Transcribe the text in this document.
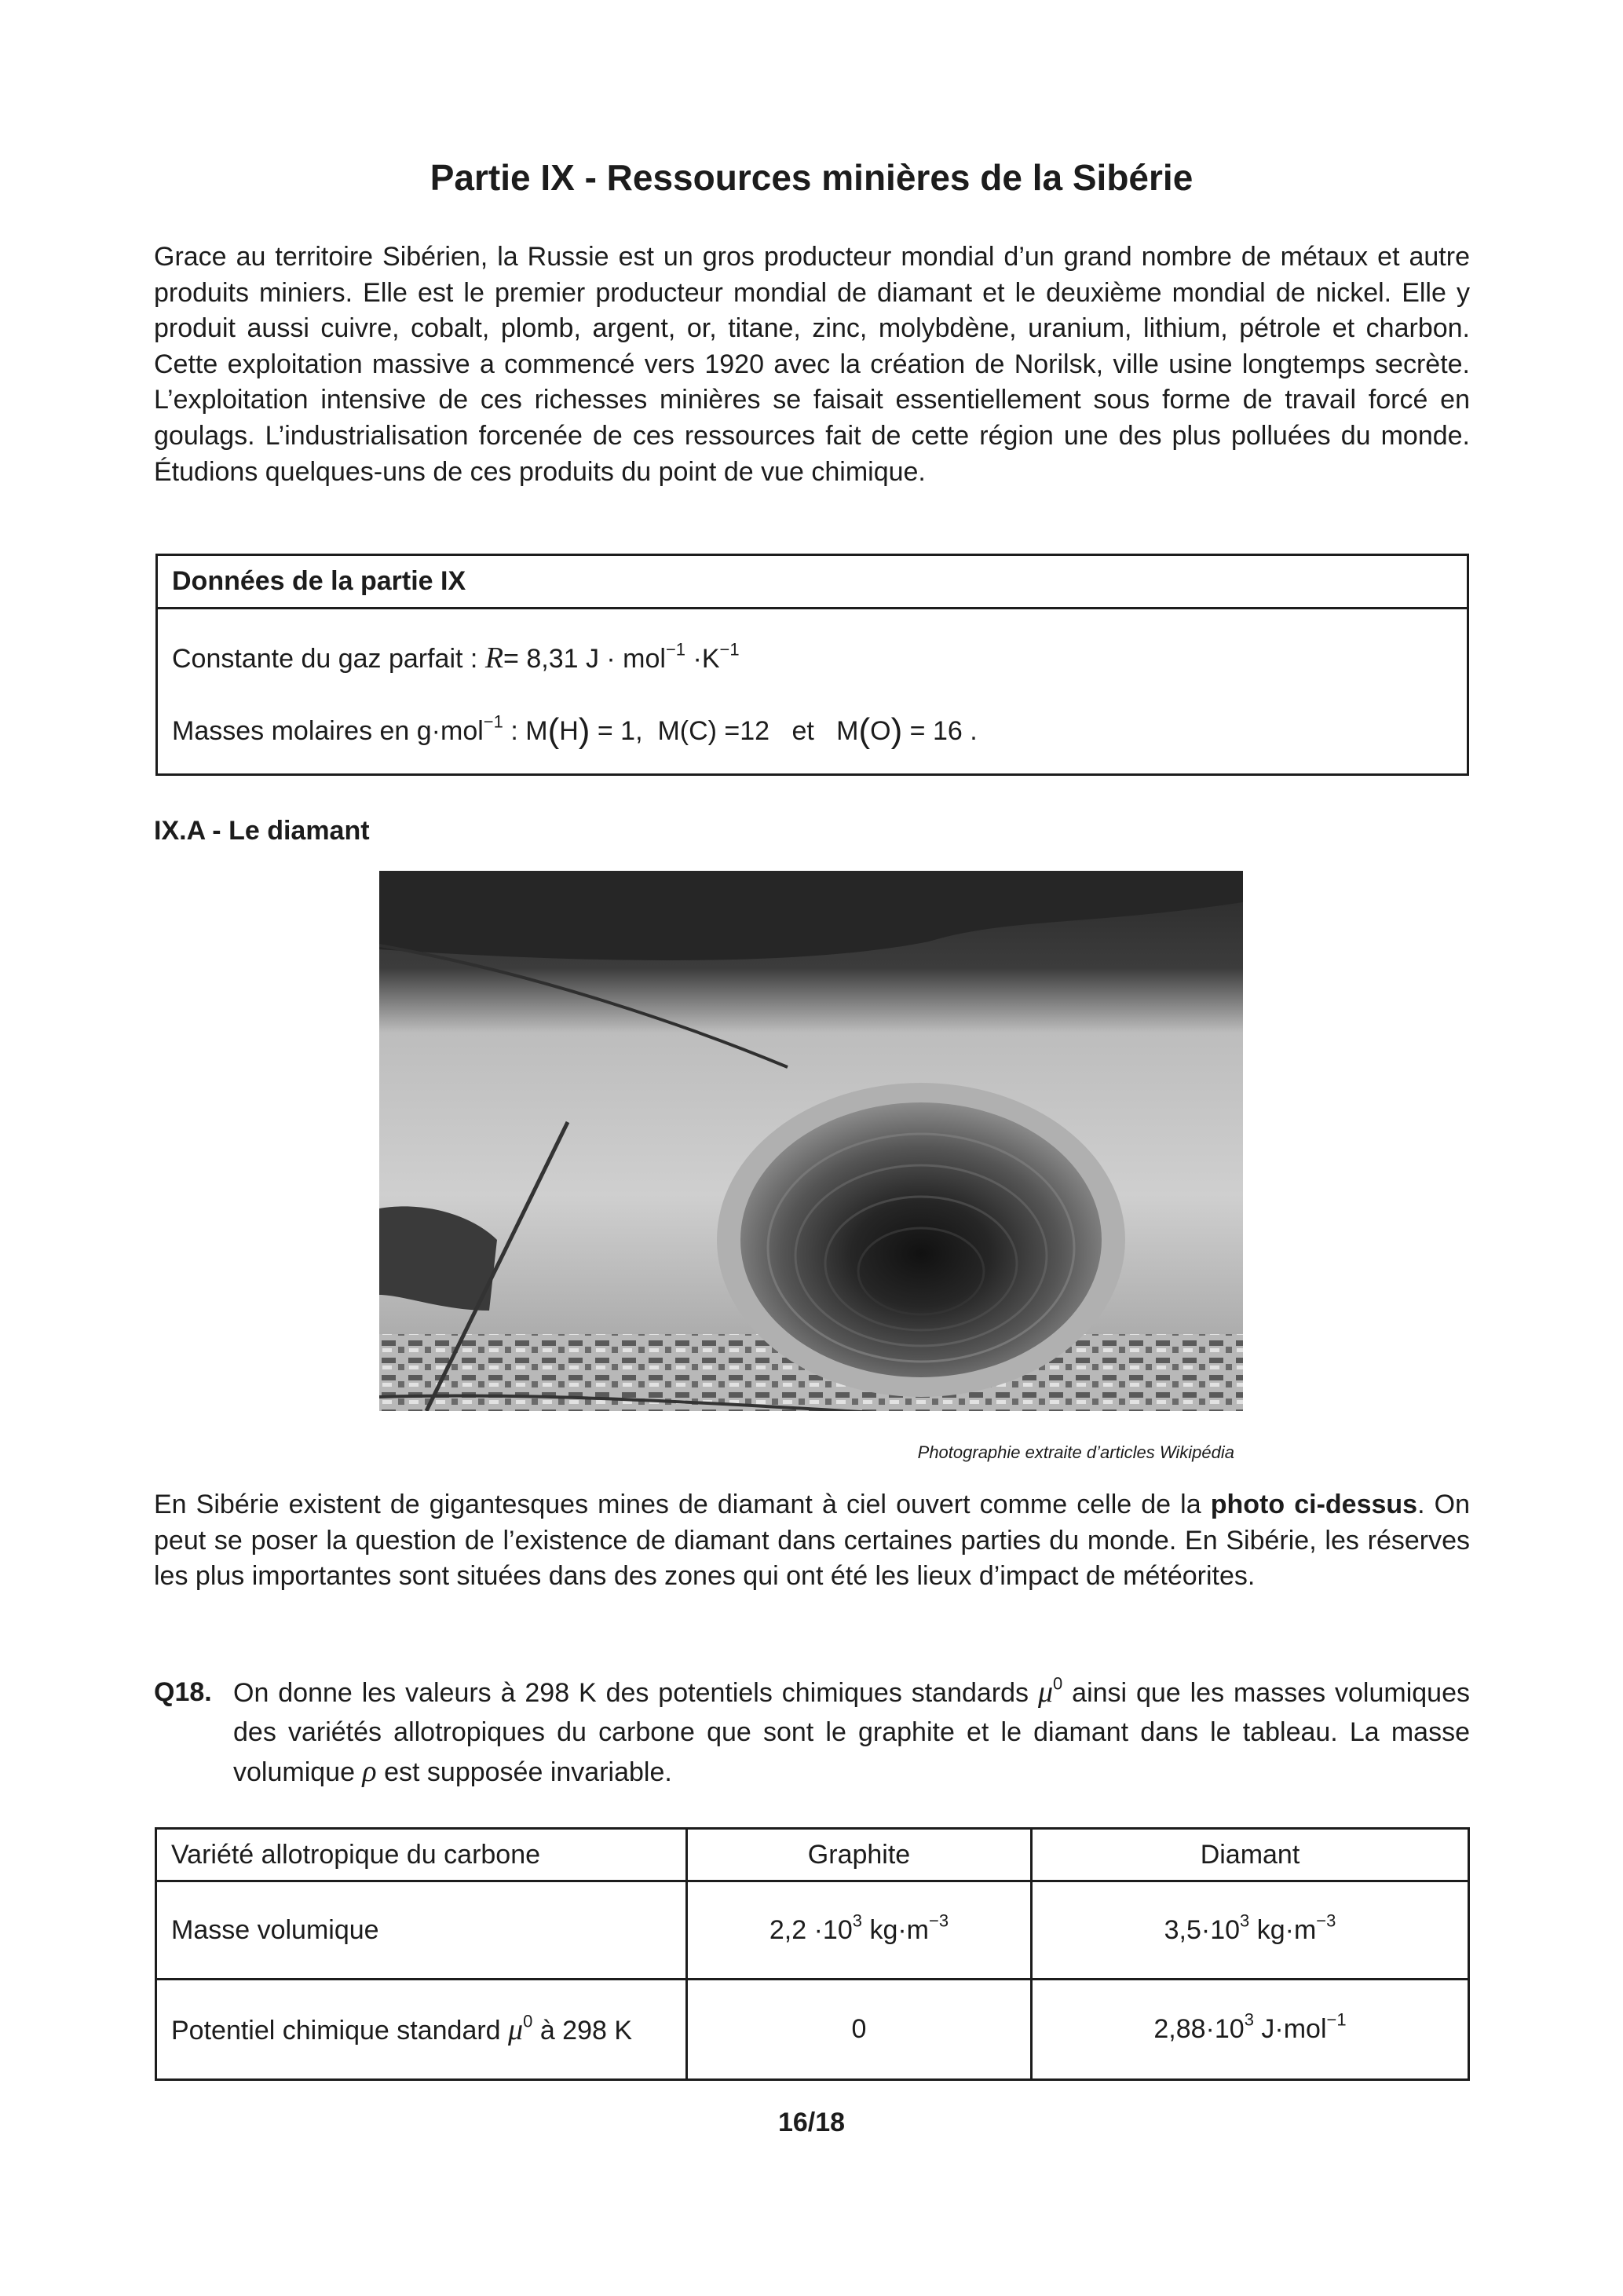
Partie IX - Ressources minières de la Sibérie

Grace au territoire Sibérien, la Russie est un gros producteur mondial d’un grand nombre de métaux et autre produits miniers. Elle est le premier producteur mondial de diamant et le deuxième mondial de nickel. Elle y produit aussi cuivre, cobalt, plomb, argent, or, titane, zinc, molybdène, uranium, lithium, pétrole et charbon. Cette exploitation massive a commencé vers 1920 avec la création de Norilsk, ville usine longtemps secrète. L’exploitation intensive de ces richesses minières se faisait essentiellement sous forme de travail forcé en goulags. L’industrialisation forcenée de ces ressources fait de cette région une des plus polluées du monde. Étudions quelques-uns de ces produits du point de vue chimique.

Données de la partie IX
Constante du gaz parfait : R= 8,31 $J \cdot mol^{-1} \cdot K^{-1}$
Masses molaires en g·mol$^{-1}$ : M(H) = 1, M(C) =12 et M(O) = 16 .
IX.A - Le diamant
Photographie extraite d’articles Wikipédia

En Sibérie existent de gigantesques mines de diamant à ciel ouvert comme celle de la photo ci-dessus. On peut se poser la question de l’existence de diamant dans certaines parties du monde. En Sibérie, les réserves les plus importantes sont situées dans des zones qui ont été les lieux d’impact de météorites.

Q18. On donne les valeurs à 298 K des potentiels chimiques standards $\mu^0$ ainsi que les masses volumiques des variétés allotropiques du carbone que sont le graphite et le diamant dans le tableau. La masse volumique ρ est supposée invariable.
Variété allotropique du carbone	Graphite	Diamant
Masse volumique	$2,2 \cdot 10^3$ $kg\cdot m^{-3}$	$3,5\cdot 10^3$ $kg\cdot m^{-3}$
Potentiel chimique standard $\mu^0$ à 298 K	0	$2,88\cdot 10^3$ J·mol$^{-1}$
16/18
